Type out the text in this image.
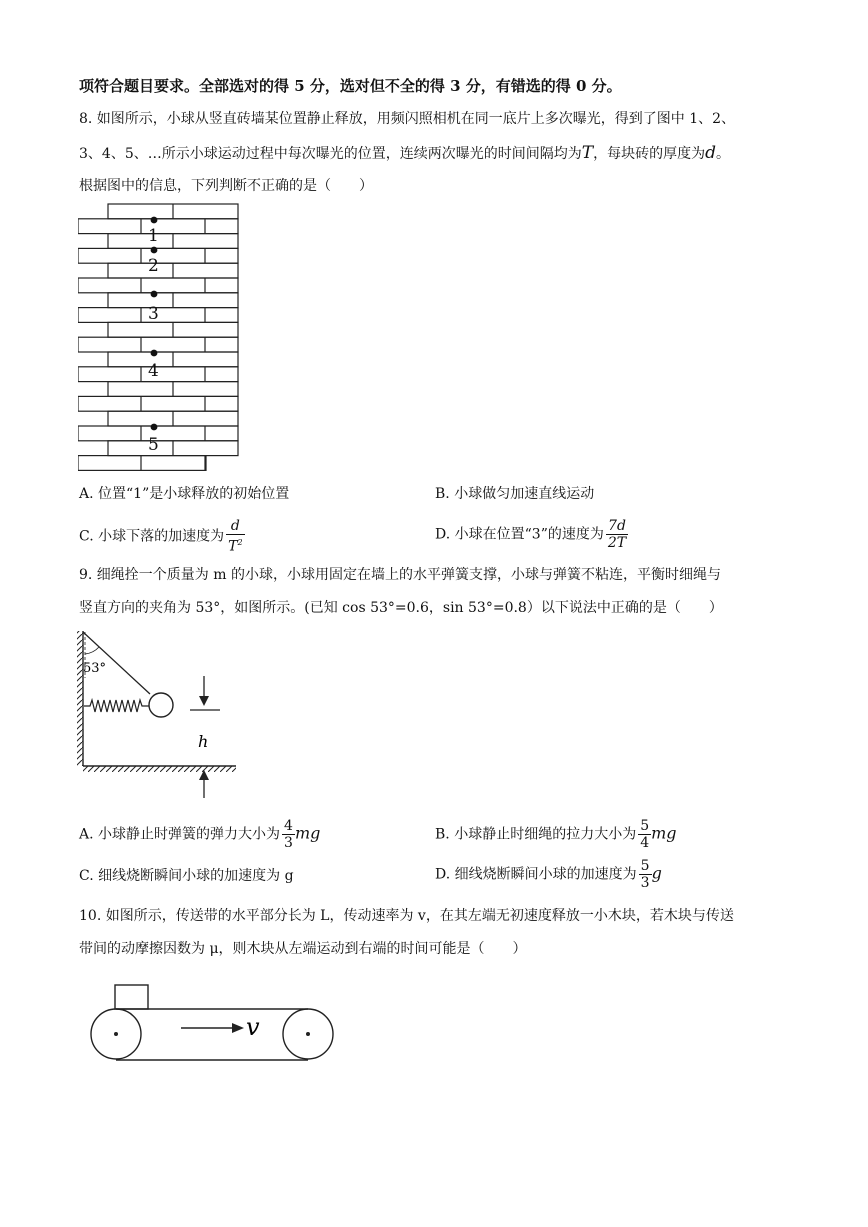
项符合题目要求。全部选对的得 5 分，选对但不全的得 3 分，有错选的得 0 分。
8. 如图所示，小球从竖直砖墙某位置静止释放，用频闪照相机在同一底片上多次曝光，得到了图中 1、2、
3、4、5、…所示小球运动过程中每次曝光的位置，连续两次曝光的时间间隔均为T，每块砖的厚度为d。
根据图中的信息，下列判断不正确的是（　　）
1
2
3
4
5
A. 位置“1”是小球释放的初始位置	B. 小球做匀加速直线运动
C. 小球下落的加速度为 $\frac{d}{T^2}$	D. 小球在位置“3”的速度为 $\frac{7d}{2T}$
9. 细绳拴一个质量为 m 的小球，小球用固定在墙上的水平弹簧支撑，小球与弹簧不粘连，平衡时细绳与
竖直方向的夹角为 53°，如图所示。(已知 cos 53°=0.6，sin 53°=0.8）以下说法中正确的是（　　）
53°
h
A. 小球静止时弹簧的弹力大小为 $\frac{4}{3}$ mg	B. 小球静止时细绳的拉力大小为 $\frac{5}{4}$ mg
C. 细线烧断瞬间小球的加速度为 g	D. 细线烧断瞬间小球的加速度为 $\frac{5}{3}$ g
10. 如图所示，传送带的水平部分长为 L，传动速率为 v，在其左端无初速度释放一小木块，若木块与传送
带间的动摩擦因数为 μ，则木块从左端运动到右端的时间可能是（　　）
v
